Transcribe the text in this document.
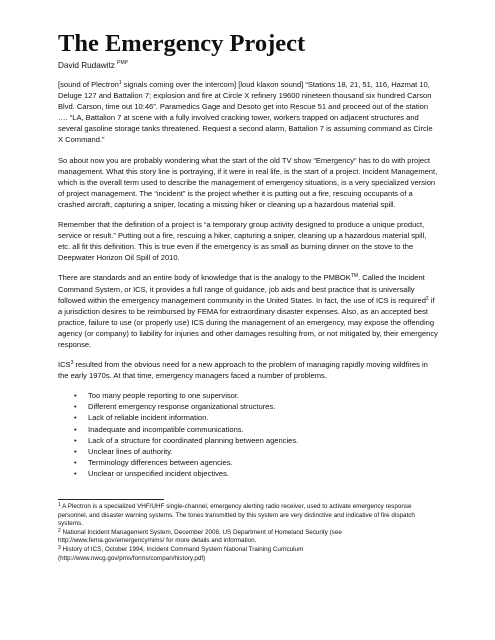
The Emergency Project
David Rudawitz $^{PMP}$

[sound of Plectron$^1$ signals coming over the intercom] [loud klaxon sound] “Stations 18, 21, 51, 116, Hazmat 10, Deluge 127 and Battalion 7; explosion and fire at Circle X refinery 19600 nineteen thousand six hundred Carson Blvd. Carson, time out 10:46”. Paramedics Gage and Desoto get into Rescue 51 and proceed out of the station …. “LA, Battalion 7 at scene with a fully involved cracking tower, workers trapped on adjacent structures and several gasoline storage tanks threatened. Request a second alarm, Battalion 7 is assuming command as Circle X Command.”

So about now you are probably wondering what the start of the old TV show “Emergency” has to do with project management. What this story line is portraying, if it were in real life, is the start of a project. Incident Management, which is the overall term used to describe the management of emergency situations, is a very specialized version of project management. The “incident” is the project whether it is putting out a fire, rescuing occupants of a crashed aircraft, capturing a sniper, locating a missing hiker or cleaning up a hazardous material spill.

Remember that the definition of a project is “a temporary group activity designed to produce a unique product, service or result.” Putting out a fire, rescuing a hiker, capturing a sniper, cleaning up a hazardous material spill, etc. all fit this definition. This is true even if the emergency is as small as burning dinner on the stove to the Deepwater Horizon Oil Spill of 2010.

There are standards and an entire body of knowledge that is the analogy to the PMBOK™. Called the Incident Command System, or ICS, it provides a full range of guidance, job aids and best practice that is universally followed within the emergency management community in the United States. In fact, the use of ICS is required$^2$ if a jurisdiction desires to be reimbursed by FEMA for extraordinary disaster expenses. Also, as an accepted best practice, failure to use (or properly use) ICS during the management of an emergency, may expose the offending agency (or company) to liability for injuries and other damages resulting from, or not mitigated by, their emergency response.

ICS$^3$ resulted from the obvious need for a new approach to the problem of managing rapidly moving wildfires in the early 1970s. At that time, emergency managers faced a number of problems.

• Too many people reporting to one supervisor.
• Different emergency response organizational structures.
• Lack of reliable incident information.
• Inadequate and incompatible communications.
• Lack of a structure for coordinated planning between agencies.
• Unclear lines of authority.
• Terminology differences between agencies.
• Unclear or unspecified incident objectives.

$^1$ A Plectron is a specialized VHF/UHF single-channel, emergency alerting radio receiver, used to activate emergency response personnel, and disaster warning systems. The tones transmitted by this system are very distinctive and indicative of fire dispatch systems.

$^2$ National Incident Management System, December 2008, US Department of Homeland Security (see http://www.fema.gov/emergency/nims/ for more details and information.

$^3$ History of ICS, October 1994, Incident Command System National Training Curriculum (http://www.nwcg.gov/pms/forms/compan/history.pdf)
